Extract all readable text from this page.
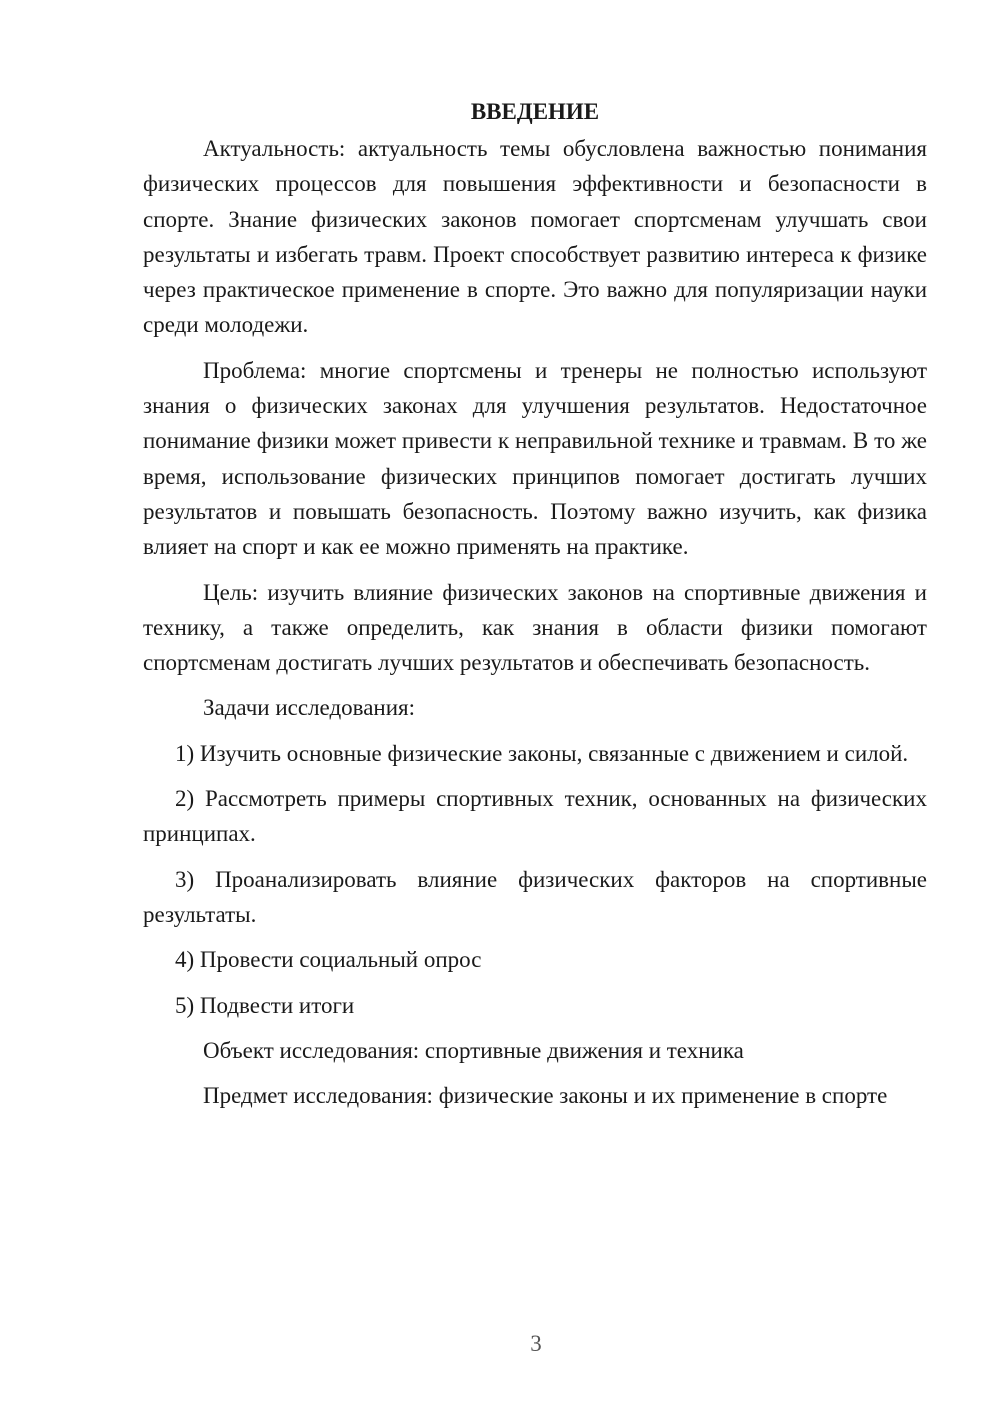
ВВЕДЕНИЕ

Актуальность: актуальность темы обусловлена важностью понимания физических процессов для повышения эффективности и безопасности в спорте. Знание физических законов помогает спортсменам улучшать свои результаты и избегать травм. Проект способствует развитию интереса к физике через практическое применение в спорте. Это важно для популяризации науки среди молодежи.

Проблема: многие спортсмены и тренеры не полностью используют знания о физических законах для улучшения результатов. Недостаточное понимание физики может привести к неправильной технике и травмам. В то же время, использование физических принципов помогает достигать лучших результатов и повышать безопасность. Поэтому важно изучить, как физика влияет на спорт и как ее можно применять на практике.

Цель: изучить влияние физических законов на спортивные движения и технику, а также определить, как знания в области физики помогают спортсменам достигать лучших результатов и обеспечивать безопасность.

Задачи исследования:

1) Изучить основные физические законы, связанные с движением и силой.

2) Рассмотреть примеры спортивных техник, основанных на физических принципах.

3) Проанализировать влияние физических факторов на спортивные результаты.

4) Провести социальный опрос

5) Подвести итоги

Объект исследования: спортивные движения и техника

Предмет исследования: физические законы и их применение в спорте

3
